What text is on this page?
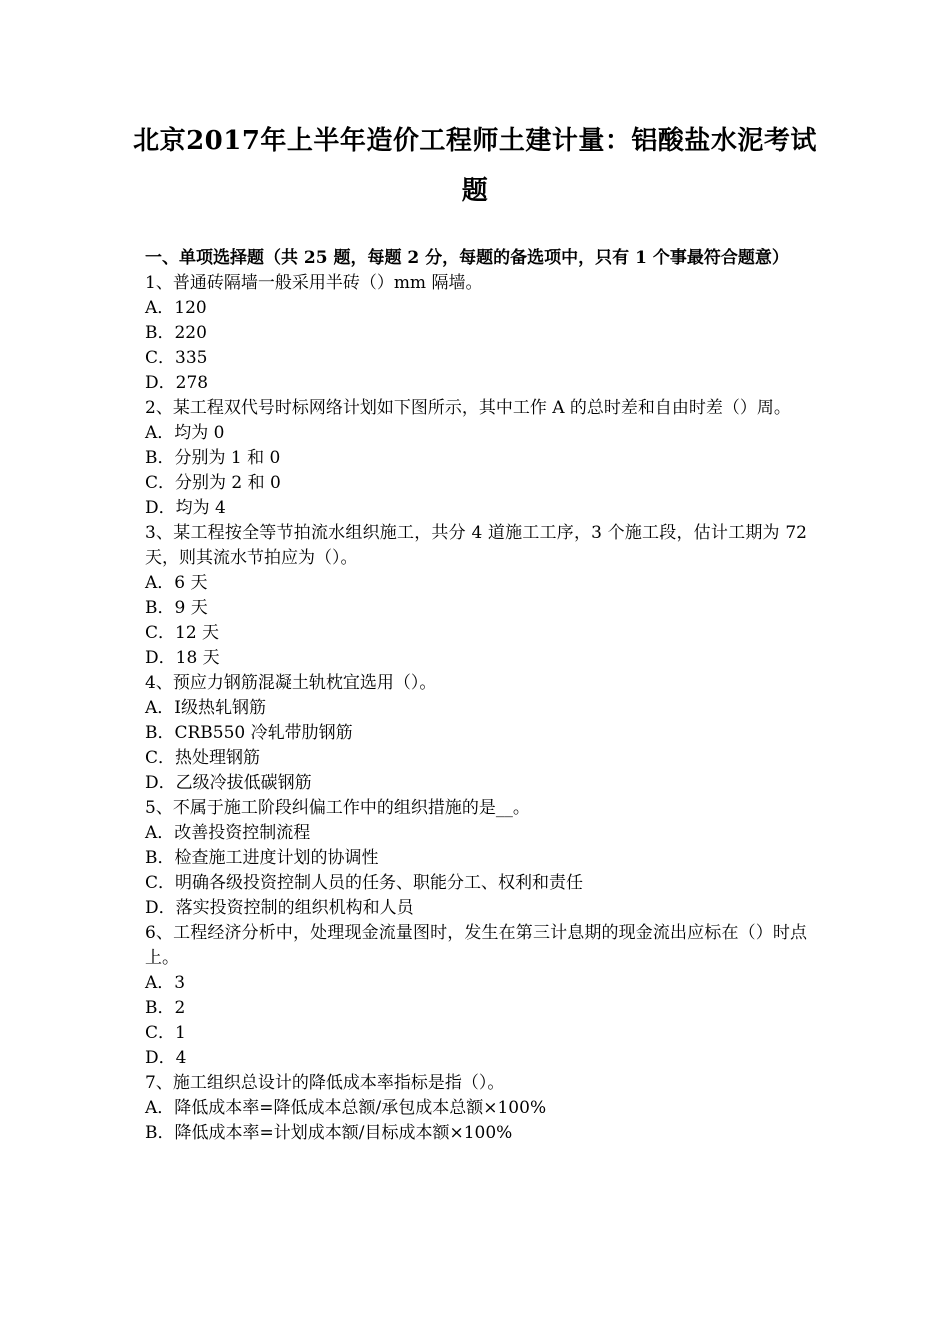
北京2017年上半年造价工程师土建计量：铝酸盐水泥考试题
一、单项选择题（共 25 题，每题 2 分，每题的备选项中，只有 1 个事最符合题意）
1、普通砖隔墙一般采用半砖（）mm 隔墙。
A．120
B．220
C．335
D．278
2、某工程双代号时标网络计划如下图所示，其中工作 A 的总时差和自由时差（）周。
A．均为 0
B．分别为 1 和 0
C．分别为 2 和 0
D．均为 4
3、某工程按全等节拍流水组织施工，共分 4 道施工工序，3 个施工段，估计工期为 72 天，则其流水节拍应为（）。
A．6 天
B．9 天
C．12 天
D．18 天
4、预应力钢筋混凝土轨枕宜选用（）。
A．Ⅰ级热轧钢筋
B．CRB550 冷轧带肋钢筋
C．热处理钢筋
D．乙级冷拔低碳钢筋
5、不属于施工阶段纠偏工作中的组织措施的是__。
A．改善投资控制流程
B．检查施工进度计划的协调性
C．明确各级投资控制人员的任务、职能分工、权利和责任
D．落实投资控制的组织机构和人员
6、工程经济分析中，处理现金流量图时，发生在第三计息期的现金流出应标在（）时点上。
A．3
B．2
C．1
D．4
7、施工组织总设计的降低成本率指标是指（）。
A．降低成本率=降低成本总额/承包成本总额×100%
B．降低成本率=计划成本额/目标成本额×100%
